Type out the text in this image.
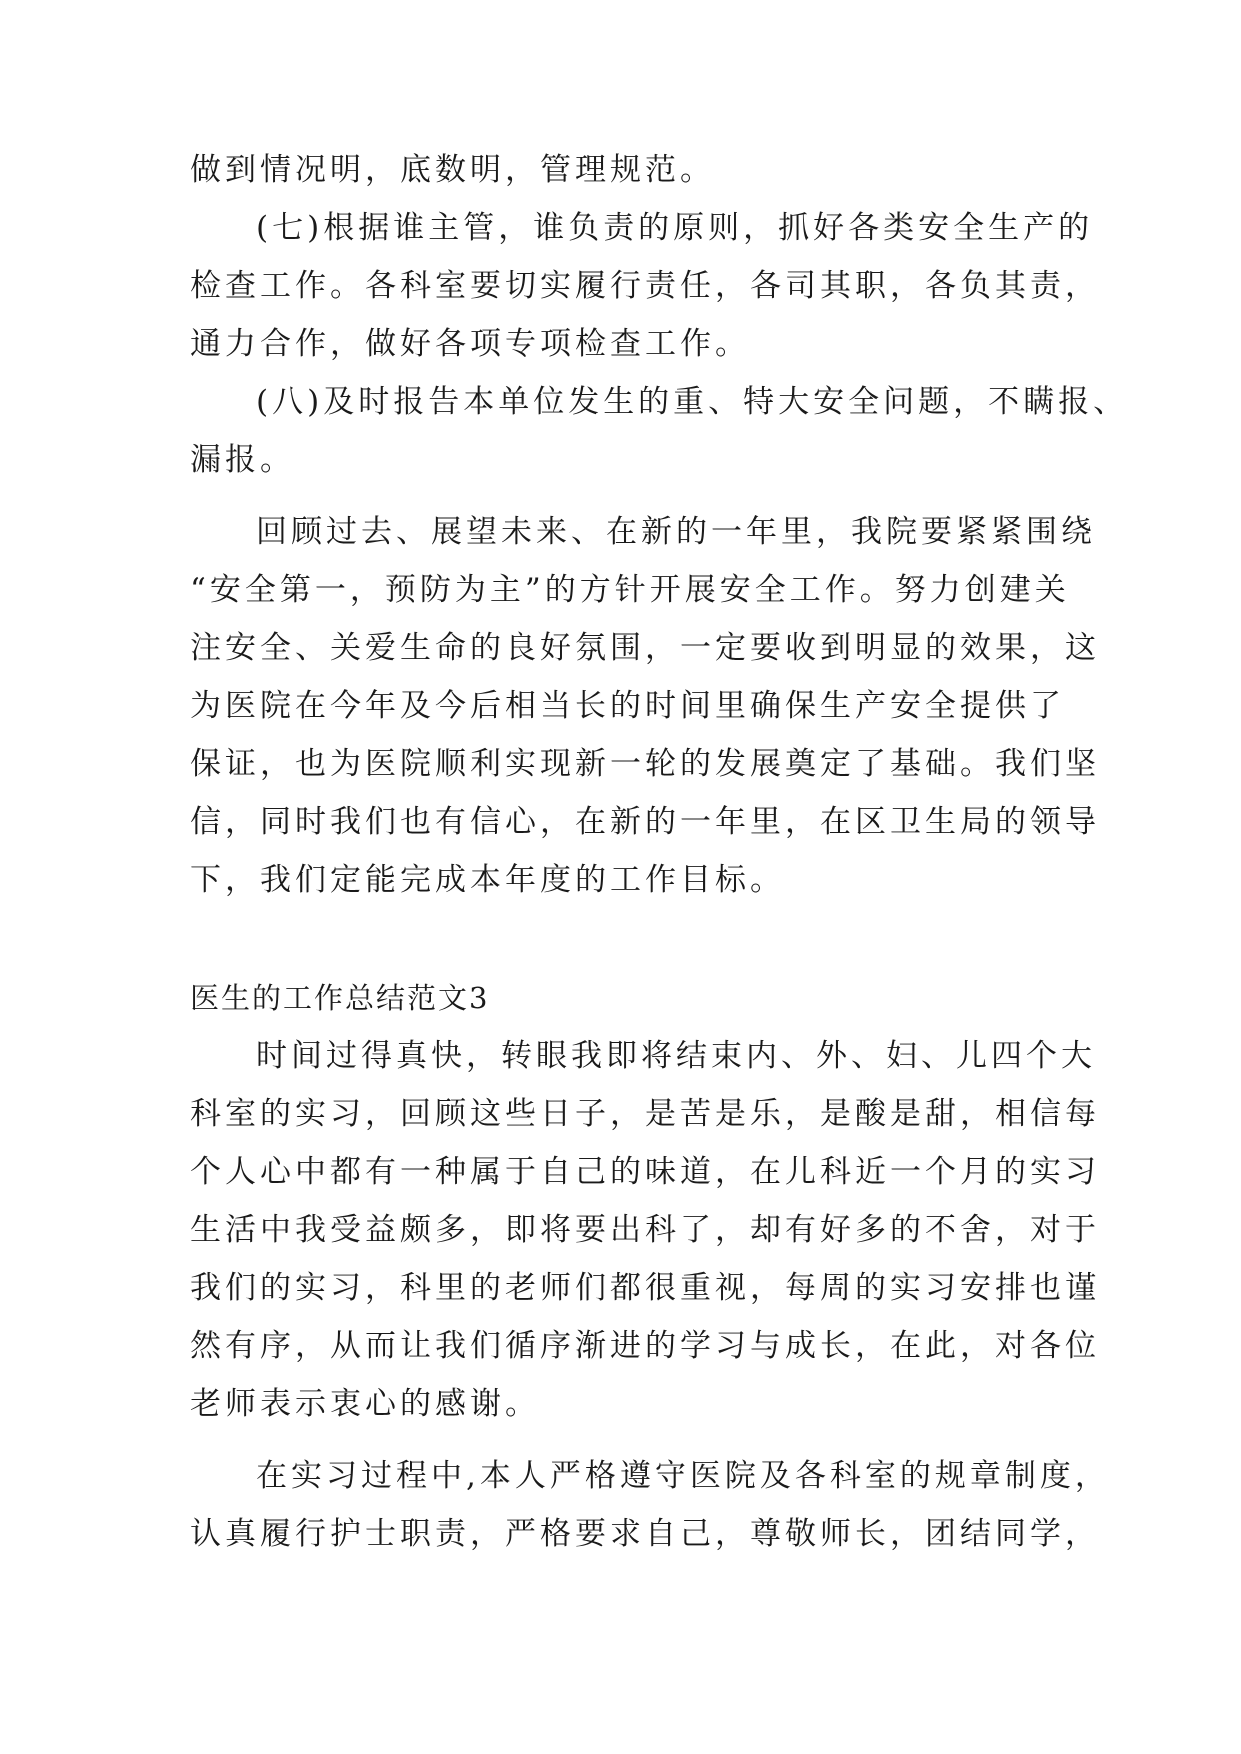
做到情况明，底数明，管理规范。
(七)根据谁主管，谁负责的原则，抓好各类安全生产的
检查工作。各科室要切实履行责任，各司其职，各负其责，
通力合作，做好各项专项检查工作。
(八)及时报告本单位发生的重、特大安全问题，不瞒报、
漏报。
回顾过去、展望未来、在新的一年里，我院要紧紧围绕
“安全第一，预防为主”的方针开展安全工作。努力创建关
注安全、关爱生命的良好氛围，一定要收到明显的效果，这
为医院在今年及今后相当长的时间里确保生产安全提供了
保证，也为医院顺利实现新一轮的发展奠定了基础。我们坚
信，同时我们也有信心，在新的一年里，在区卫生局的领导
下，我们定能完成本年度的工作目标。
医生的工作总结范文3
时间过得真快，转眼我即将结束内、外、妇、儿四个大
科室的实习，回顾这些日子，是苦是乐，是酸是甜，相信每
个人心中都有一种属于自己的味道，在儿科近一个月的实习
生活中我受益颇多，即将要出科了，却有好多的不舍，对于
我们的实习，科里的老师们都很重视，每周的实习安排也谨
然有序，从而让我们循序渐进的学习与成长，在此，对各位
老师表示衷心的感谢。
在实习过程中,本人严格遵守医院及各科室的规章制度，
认真履行护士职责，严格要求自己，尊敬师长，团结同学，
